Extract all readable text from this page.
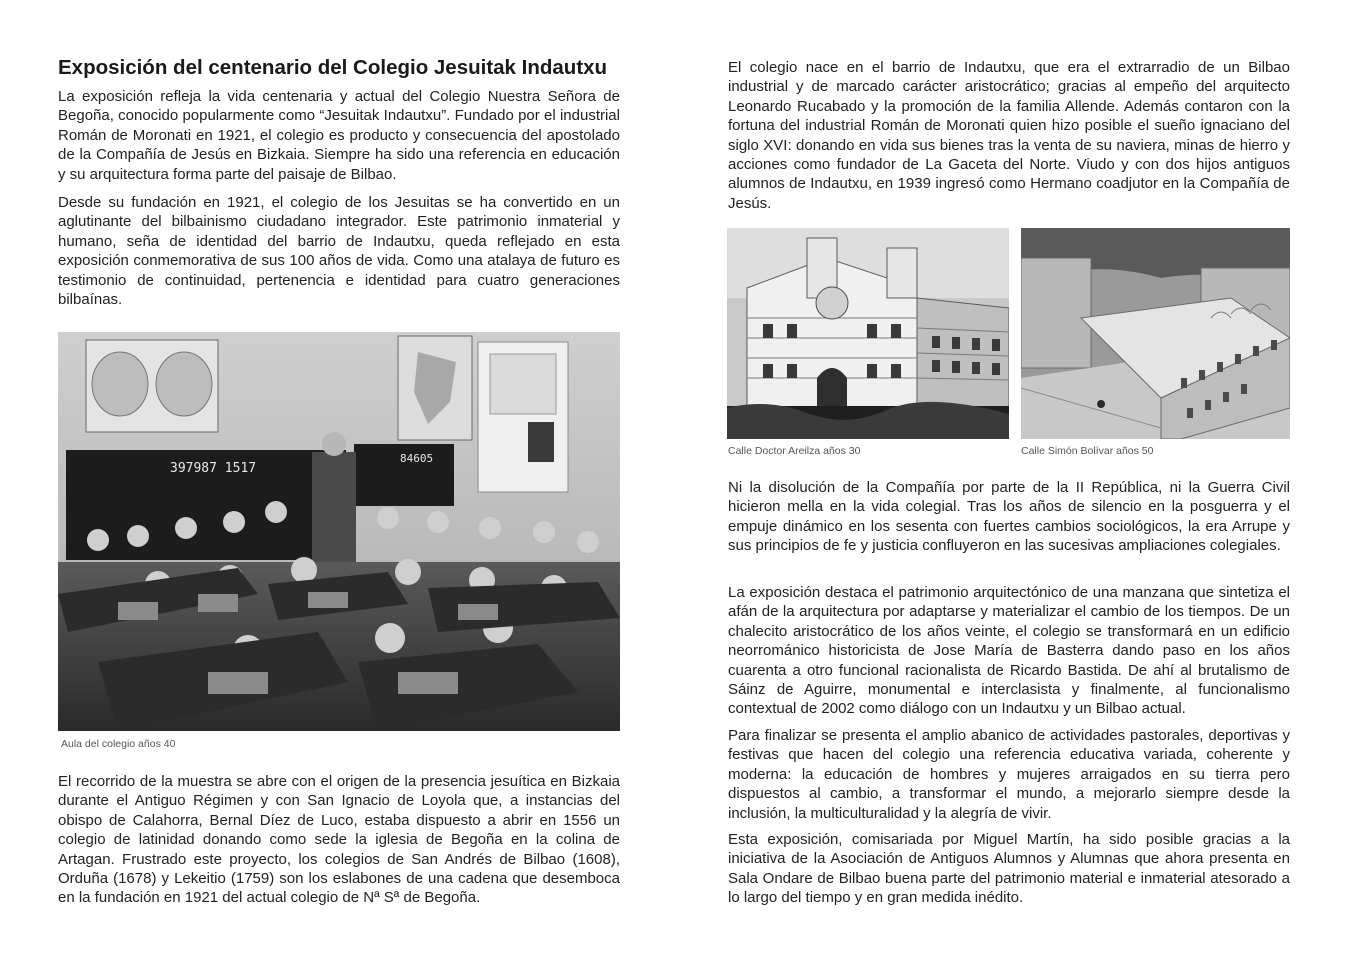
Exposición del centenario del Colegio Jesuitak Indautxu

La exposición refleja la vida centenaria y actual del Colegio Nuestra Señora de Begoña, conocido popularmente como “Jesuitak Indautxu”. Fundado por el industrial Román de Moronati en 1921, el colegio es producto y consecuencia del apostolado de la Compañía de Jesús en Bizkaia. Siempre ha sido una referencia en educación y su arquitectura forma parte del paisaje de Bilbao.

Desde su fundación en 1921, el colegio de los Jesuitas se ha convertido en un aglutinante del bilbainismo ciudadano integrador. Este patrimonio inmaterial y humano, seña de identidad del barrio de Indautxu, queda reflejado en esta exposición conmemorativa de sus 100 años de vida. Como una atalaya de futuro es testimonio de continuidad, pertenencia e identidad para cuatro generaciones bilbaínas.

397987 1517
84605
Aula del colegio años 40

El recorrido de la muestra se abre con el origen de la presencia jesuítica en Bizkaia durante el Antiguo Régimen y con San Ignacio de Loyola que, a instancias del obispo de Calahorra, Bernal Díez de Luco, estaba dispuesto a abrir en 1556 un colegio de latinidad donando como sede la iglesia de Begoña en la colina de Artagan. Frustrado este proyecto, los colegios de San Andrés de Bilbao (1608), Orduña (1678) y Lekeitio (1759) son los eslabones de una cadena que desemboca en la fundación en 1921 del actual colegio de Nª Sª de Begoña.

El colegio nace en el barrio de Indautxu, que era el extrarradio de un Bilbao industrial y de marcado carácter aristocrático; gracias al empeño del arquitecto Leonardo Rucabado y la promoción de la familia Allende. Además contaron con la fortuna del industrial Román de Moronati quien hizo posible el sueño ignaciano del siglo XVI: donando en vida sus bienes tras la venta de su naviera, minas de hierro y acciones como fundador de La Gaceta del Norte. Viudo y con dos hijos antiguos alumnos de Indautxu, en 1939 ingresó como Hermano coadjutor en la Compañía de Jesús.

Calle Doctor Areilza años 30	Calle Simón Bolívar años 50

Ni la disolución de la Compañía por parte de la II República, ni la Guerra Civil hicieron mella en la vida colegial. Tras los años de silencio en la posguerra y el empuje dinámico en los sesenta con fuertes cambios sociológicos, la era Arrupe y sus principios de fe y justicia confluyeron en las sucesivas ampliaciones colegiales.

La exposición destaca el patrimonio arquitectónico de una manzana que sintetiza el afán de la arquitectura por adaptarse y materializar el cambio de los tiempos. De un chalecito aristocrático de los años veinte, el colegio se transformará en un edificio neorrománico historicista de Jose María de Basterra dando paso en los años cuarenta a otro funcional racionalista de Ricardo Bastida. De ahí al brutalismo de Sáinz de Aguirre, monumental e interclasista y finalmente, al funcionalismo contextual de 2002 como diálogo con un Indautxu y un Bilbao actual.

Para finalizar se presenta el amplio abanico de actividades pastorales, deportivas y festivas que hacen del colegio una referencia educativa variada, coherente y moderna: la educación de hombres y mujeres arraigados en su tierra pero dispuestos al cambio, a transformar el mundo, a mejorarlo siempre desde la inclusión, la multiculturalidad y la alegría de vivir.

Esta exposición, comisariada por Miguel Martín, ha sido posible gracias a la iniciativa de la Asociación de Antiguos Alumnos y Alumnas que ahora presenta en Sala Ondare de Bilbao buena parte del patrimonio material e inmaterial atesorado a lo largo del tiempo y en gran medida inédito.
